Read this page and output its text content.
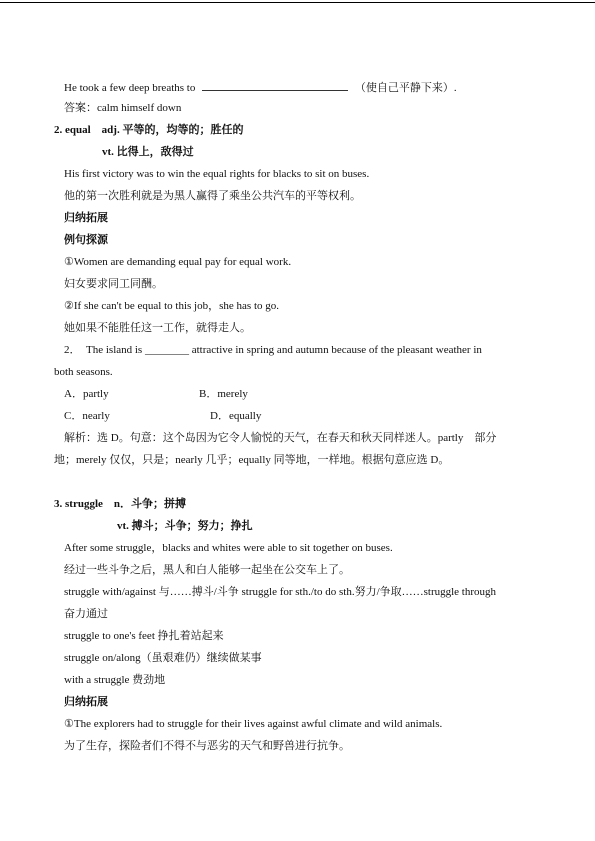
He took a few deep breaths to	（使自己平静下来）.
答案：calm himself down
2. equal　adj. 平等的，均等的；胜任的
vt. 比得上，敌得过
His first victory was to win the equal rights for blacks to sit on buses.
他的第一次胜利就是为黑人赢得了乘坐公共汽车的平等权利。
归纳拓展
例句探源
①Women are demanding equal pay for equal work.
妇女要求同工同酬。
②If she can't be equal to this job，she has to go.
她如果不能胜任这一工作，就得走人。
2．　The island is ________ attractive in spring and autumn because of the pleasant weather in
both seasons.
A．partly	B．merely
C．nearly	D．equally
解析：选 D。句意：这个岛因为它令人愉悦的天气，在春天和秋天同样迷人。partly　部分
地；merely 仅仅，只是；nearly 几乎；equally 同等地，一样地。根据句意应选 D。
3. struggle　n．斗争；拼搏
vt. 搏斗；斗争；努力；挣扎
After some struggle，blacks and whites were able to sit together on buses.
经过一些斗争之后，黑人和白人能够一起坐在公交车上了。
struggle with/against 与……搏斗/斗争 struggle for sth./to do sth.努力/争取……struggle through
奋力通过
struggle to one's feet 挣扎着站起来
struggle on/along（虽艰难仍）继续做某事
with a struggle 费劲地
归纳拓展
①The explorers had to struggle for their lives against awful climate and wild animals.
为了生存，探险者们不得不与恶劣的天气和野兽进行抗争。
